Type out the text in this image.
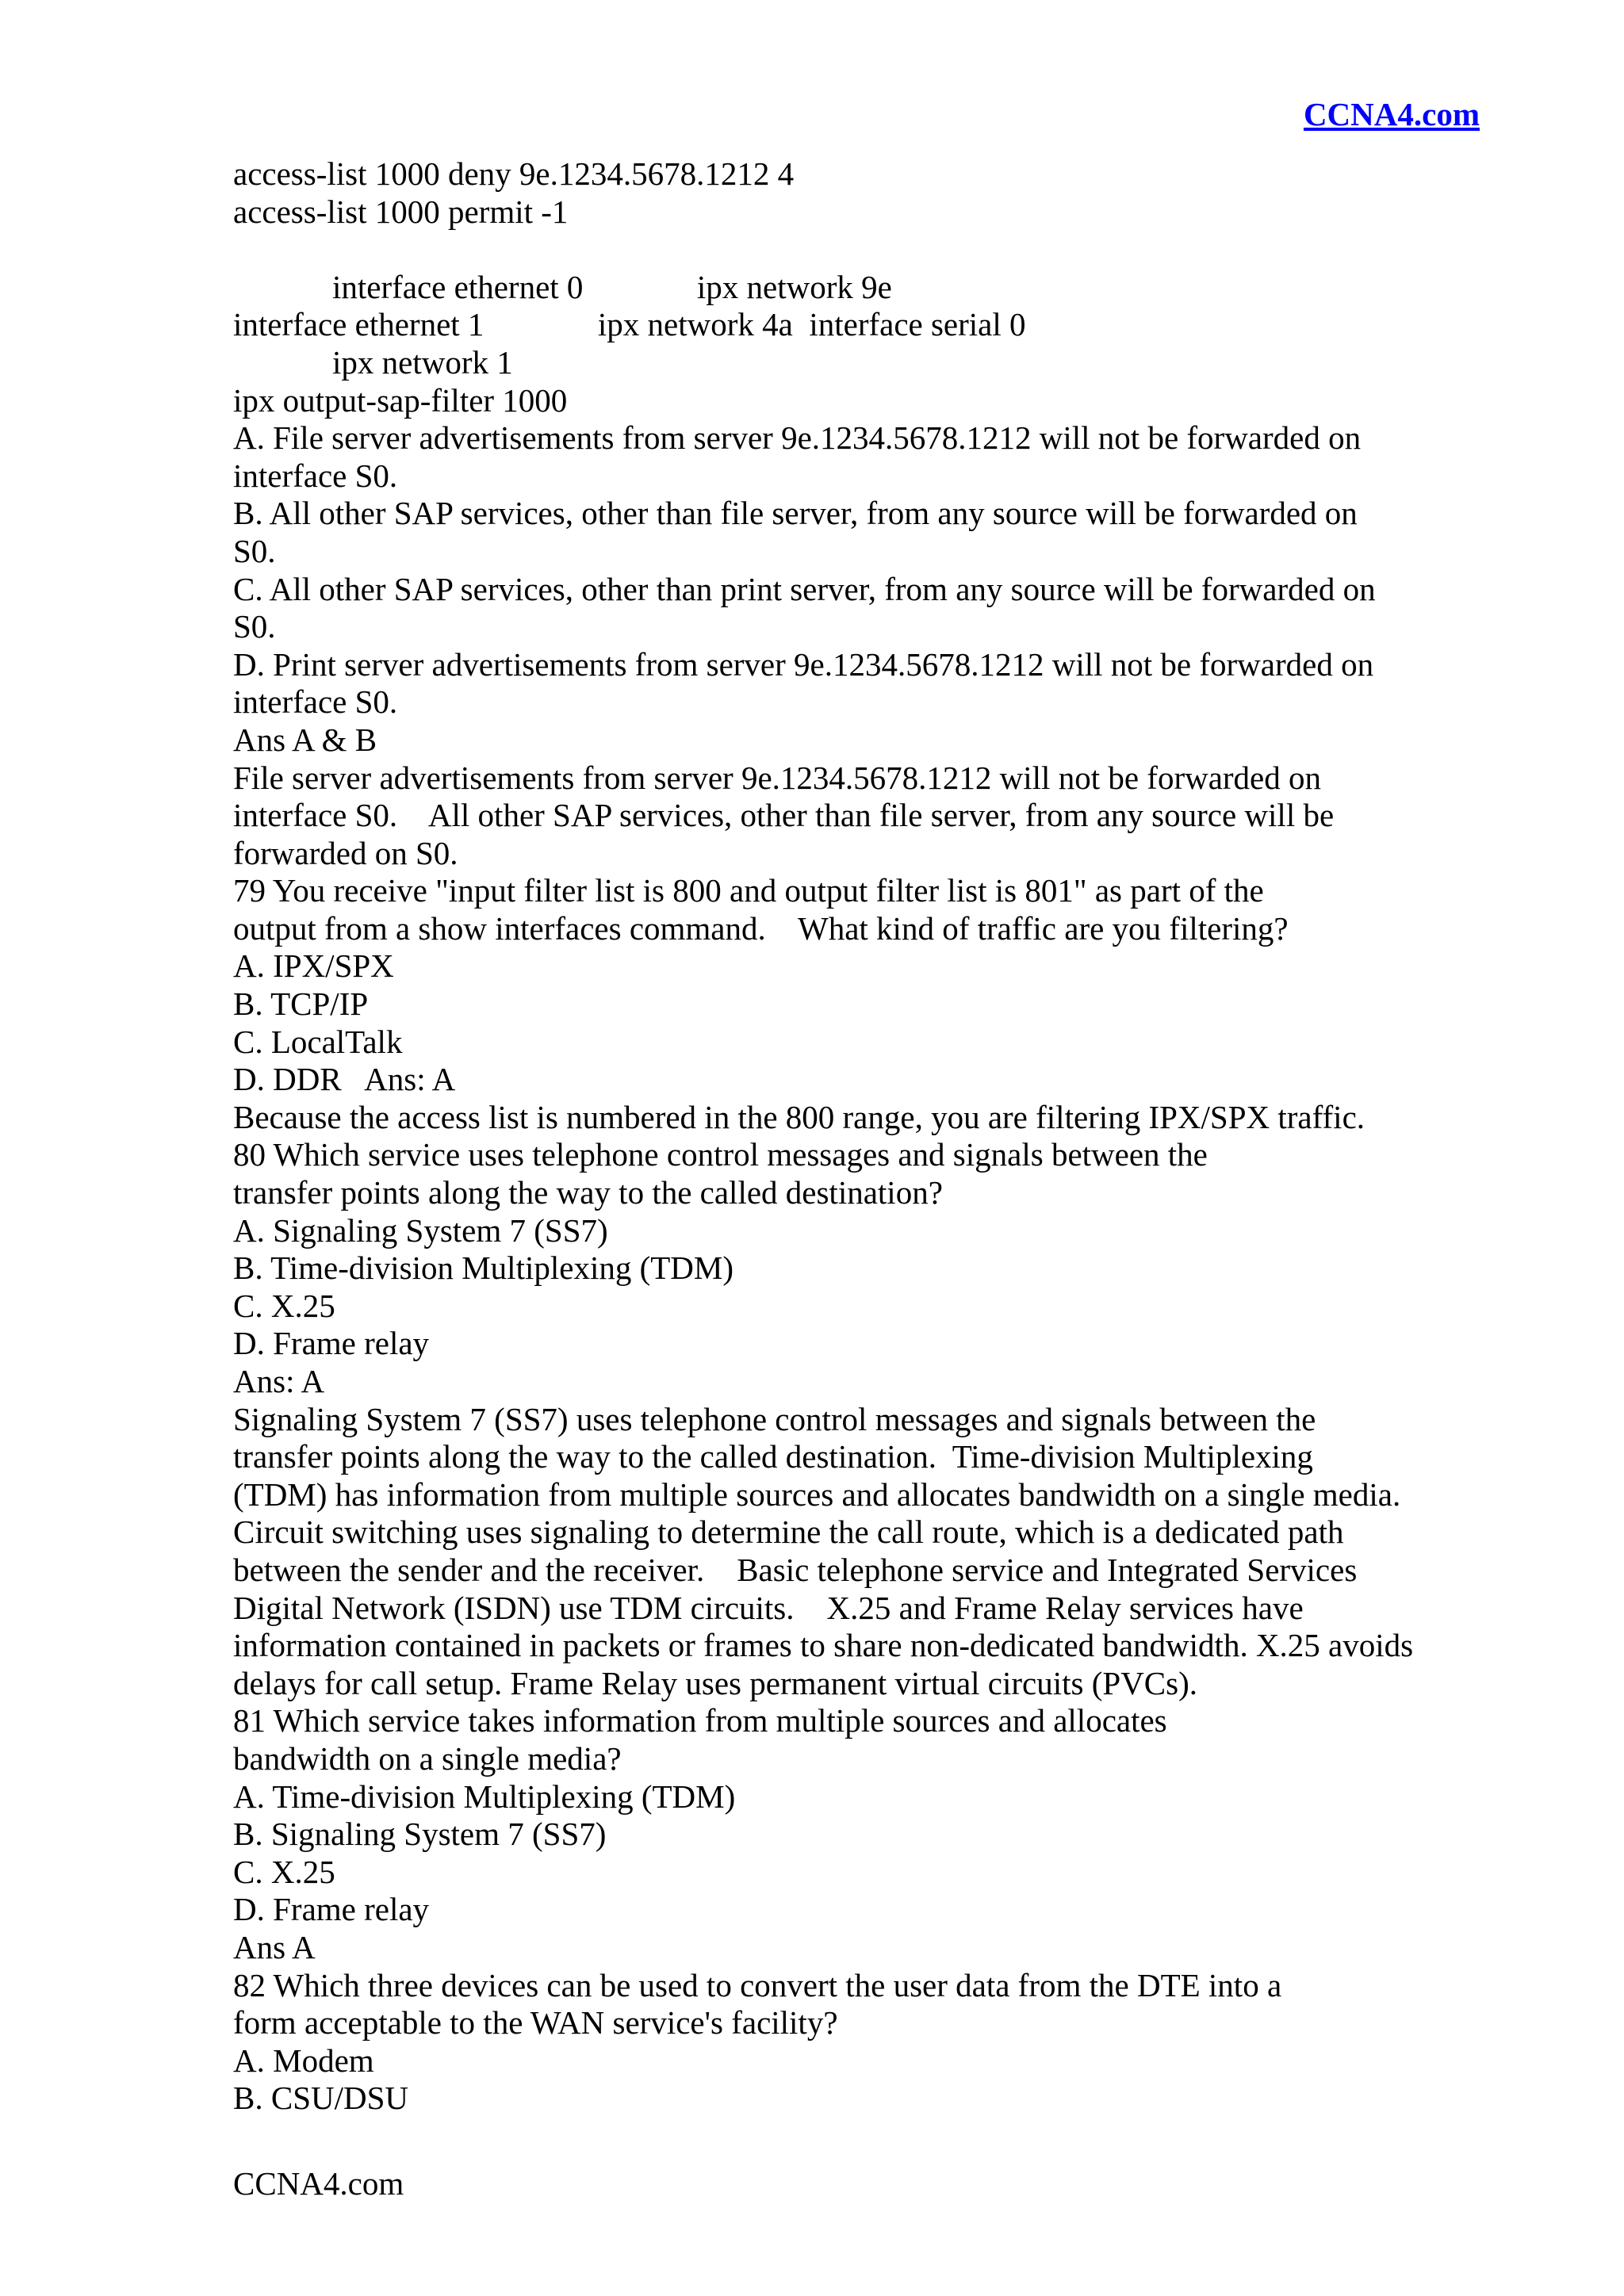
CCNA4.com
access-list 1000 deny 9e.1234.5678.1212 4
access-list 1000 permit -1
interface ethernet 0              ipx network 9e
interface ethernet 1              ipx network 4a  interface serial 0
ipx network 1
ipx output-sap-filter 1000
A. File server advertisements from server 9e.1234.5678.1212 will not be forwarded on
interface S0.
B. All other SAP services, other than file server, from any source will be forwarded on
S0.
C. All other SAP services, other than print server, from any source will be forwarded on
S0.
D. Print server advertisements from server 9e.1234.5678.1212 will not be forwarded on
interface S0.
Ans A & B
File server advertisements from server 9e.1234.5678.1212 will not be forwarded on
interface S0.    All other SAP services, other than file server, from any source will be
forwarded on S0.
79 You receive "input filter list is 800 and output filter list is 801" as part of the
output from a show interfaces command.    What kind of traffic are you filtering?
A. IPX/SPX
B. TCP/IP
C. LocalTalk
D. DDR   Ans: A
Because the access list is numbered in the 800 range, you are filtering IPX/SPX traffic.
80 Which service uses telephone control messages and signals between the
transfer points along the way to the called destination?
A. Signaling System 7 (SS7)
B. Time-division Multiplexing (TDM)
C. X.25
D. Frame relay
Ans: A
Signaling System 7 (SS7) uses telephone control messages and signals between the
transfer points along the way to the called destination.  Time-division Multiplexing
(TDM) has information from multiple sources and allocates bandwidth on a single media.
Circuit switching uses signaling to determine the call route, which is a dedicated path
between the sender and the receiver.    Basic telephone service and Integrated Services
Digital Network (ISDN) use TDM circuits.    X.25 and Frame Relay services have
information contained in packets or frames to share non-dedicated bandwidth. X.25 avoids
delays for call setup. Frame Relay uses permanent virtual circuits (PVCs).
81 Which service takes information from multiple sources and allocates
bandwidth on a single media?
A. Time-division Multiplexing (TDM)
B. Signaling System 7 (SS7)
C. X.25
D. Frame relay
Ans A
82 Which three devices can be used to convert the user data from the DTE into a
form acceptable to the WAN service's facility?
A. Modem
B. CSU/DSU
CCNA4.com
